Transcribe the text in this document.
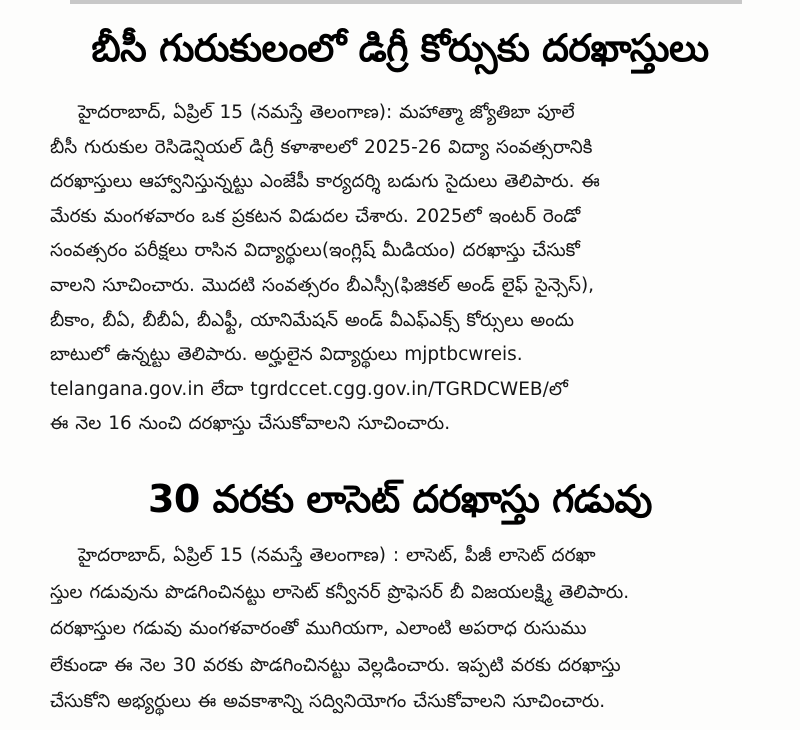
బీసీ గురుకులంలో డిగ్రీ కోర్సుకు దరఖాస్తులు
హైదరాబాద్, ఏప్రిల్ 15 (నమస్తే తెలంగాణ): మహాత్మా జ్యోతిబా పూలే
బీసీ గురుకుల రెసిడెన్షియల్ డిగ్రీ కళాశాలలో 2025-26 విద్యా సంవత్సరానికి
దరఖాస్తులు ఆహ్వానిస్తున్నట్టు ఎంజేపీ కార్యదర్శి బడుగు సైదులు తెలిపారు. ఈ
మేరకు మంగళవారం ఒక ప్రకటన విడుదల చేశారు. 2025లో ఇంటర్ రెండో
సంవత్సరం పరీక్షలు రాసిన విద్యార్థులు(ఇంగ్లిష్ మీడియం) దరఖాస్తు చేసుకో
వాలని సూచించారు. మొదటి సంవత్సరం బీఎస్సీ(ఫిజికల్ అండ్ లైఫ్ సైన్సెస్),
బీకాం, బీఏ, బీబీఏ, బీఎఫ్టీ, యానిమేషన్ అండ్ వీఎఫ్ఎక్స్ కోర్సులు అందు
బాటులో ఉన్నట్టు తెలిపారు. అర్హులైన విద్యార్థులు mjptbcwreis.
telangana.gov.in లేదా tgrdccet.cgg.gov.in/TGRDCWEB/లో
ఈ నెల 16 నుంచి దరఖాస్తు చేసుకోవాలని సూచించారు.
30 వరకు లాసెట్ దరఖాస్తు గడువు
హైదరాబాద్, ఏప్రిల్ 15 (నమస్తే తెలంగాణ) : లాసెట్, పీజీ లాసెట్ దరఖా
స్తుల గడువును పొడగించినట్టు లాసెట్ కన్వీనర్ ప్రొఫెసర్ బీ విజయలక్ష్మి తెలిపారు.
దరఖాస్తుల గడువు మంగళవారంతో ముగియగా, ఎలాంటి అపరాధ రుసుము
లేకుండా ఈ నెల 30 వరకు పొడగించినట్టు వెల్లడించారు. ఇప్పటి వరకు దరఖాస్తు
చేసుకోని అభ్యర్థులు ఈ అవకాశాన్ని సద్వినియోగం చేసుకోవాలని సూచించారు.
